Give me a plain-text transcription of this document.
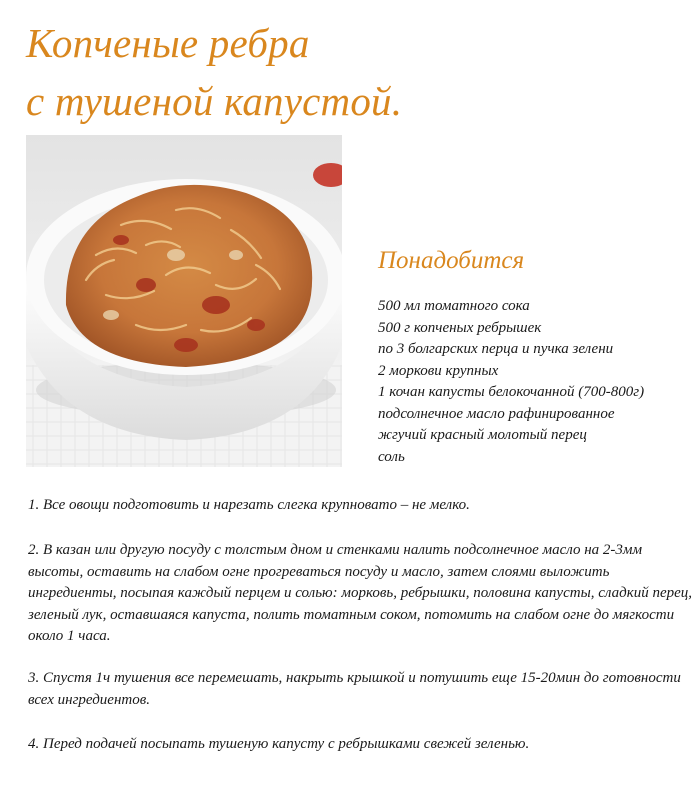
Копченые ребра
с тушеной капустой.
Понадобится
500 мл томатного сока
500 г копченых ребрышек
по 3 болгарских перца и пучка зелени
2 моркови крупных
1 кочан капусты белокочанной (700-800г)
подсолнечное масло рафинированное
жгучий красный молотый перец
соль

1. Все овощи подготовить и нарезать слегка крупновато – не мелко.

2. В казан или другую посуду с толстым дном и стенками налить подсолнечное масло на 2-3мм высоты, оставить на слабом огне прогреваться посуду и масло, затем слоями выложить ингредиенты, посыпая каждый перцем и солью: морковь, ребрышки, половина капусты, сладкий перец, зеленый лук, оставшаяся капуста, полить томатным соком, потомить на слабом огне до мягкости около 1 часа.

3. Спустя 1ч тушения все перемешать, накрыть крышкой и потушить еще 15-20мин до готовности всех ингредиентов.

4. Перед подачей посыпать тушеную капусту с ребрышками свежей зеленью.
